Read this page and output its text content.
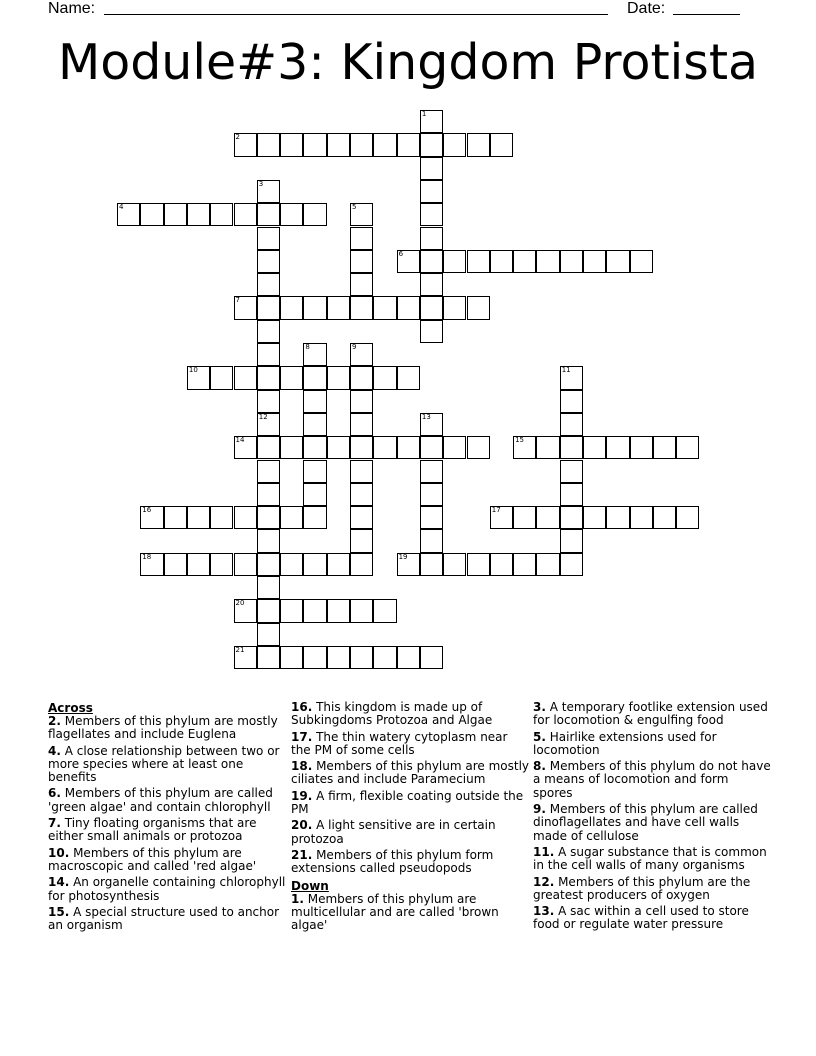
Name:	Date:
Module#3: Kingdom Protista
1
2
3
12
4	5
6
7
8	9
10	11
13
14	15
16	17
18	19
20
21
Across
2. Members of this phylum are mostly flagellates and include Euglena
4. A close relationship between two or more species where at least one benefits
6. Members of this phylum are called 'green algae' and contain chlorophyll
7. Tiny floating organisms that are either small animals or protozoa
10. Members of this phylum are macroscopic and called 'red algae'
14. An organelle containing chlorophyll for photosynthesis
15. A special structure used to anchor an organism
16. This kingdom is made up of Subkingdoms Protozoa and Algae
17. The thin watery cytoplasm near the PM of some cells
18. Members of this phylum are mostly ciliates and include Paramecium
19. A firm, flexible coating outside the PM
20. A light sensitive are in certain protozoa
21. Members of this phylum form extensions called pseudopods
Down
1. Members of this phylum are multicellular and are called 'brown algae'
3. A temporary footlike extension used for locomotion & engulfing food
5. Hairlike extensions used for locomotion
8. Members of this phylum do not have a means of locomotion and form spores
9. Members of this phylum are called dinoflagellates and have cell walls made of cellulose
11. A sugar substance that is common in the cell walls of many organisms
12. Members of this phylum are the greatest producers of oxygen
13. A sac within a cell used to store food or regulate water pressure
